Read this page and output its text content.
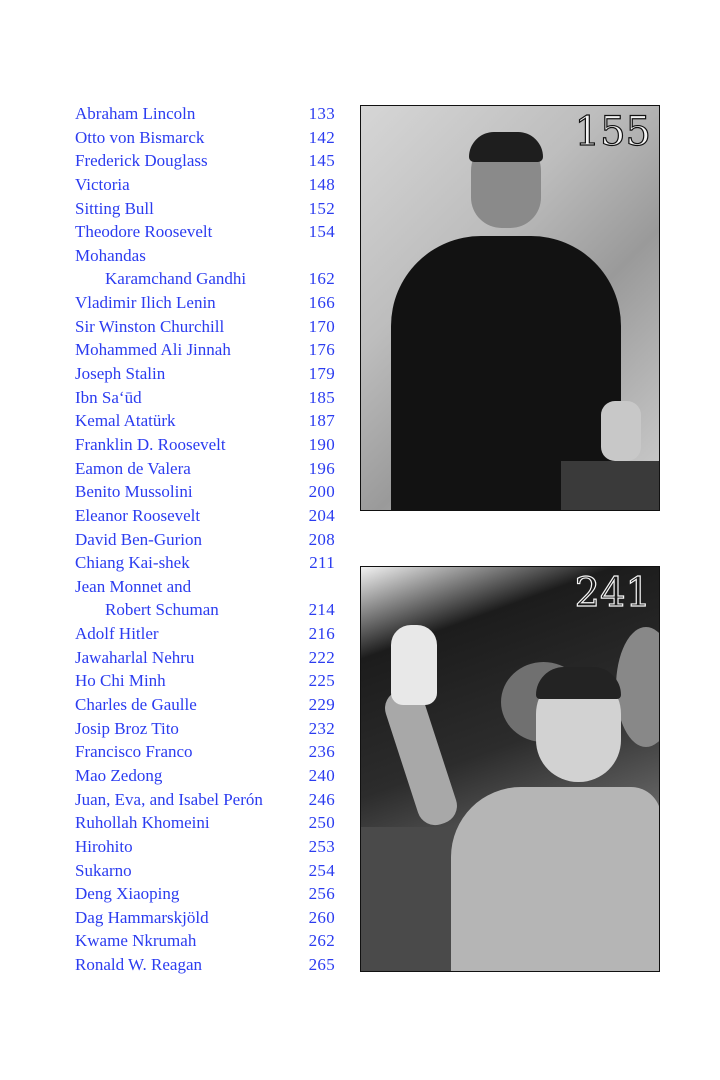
Abraham Lincoln	133
Otto von Bismarck	142
Frederick Douglass	145
Victoria	148
Sitting Bull	152
Theodore Roosevelt	154
Mohandas
Karamchand Gandhi	162
Vladimir Ilich Lenin	166
Sir Winston Churchill	170
Mohammed Ali Jinnah	176
Joseph Stalin	179
Ibn Sa‘ūd	185
Kemal Atatürk	187
Franklin D. Roosevelt	190
Eamon de Valera	196
Benito Mussolini	200
Eleanor Roosevelt	204
David Ben-Gurion	208
Chiang Kai-shek	211
Jean Monnet and
Robert Schuman	214
Adolf Hitler	216
Jawaharlal Nehru	222
Ho Chi Minh	225
Charles de Gaulle	229
Josip Broz Tito	232
Francisco Franco	236
Mao Zedong	240
Juan, Eva, and Isabel Perón	246
Ruhollah Khomeini	250
Hirohito	253
Sukarno	254
Deng Xiaoping	256
Dag Hammarskjöld	260
Kwame Nkrumah	262
Ronald W. Reagan	265
155
241
